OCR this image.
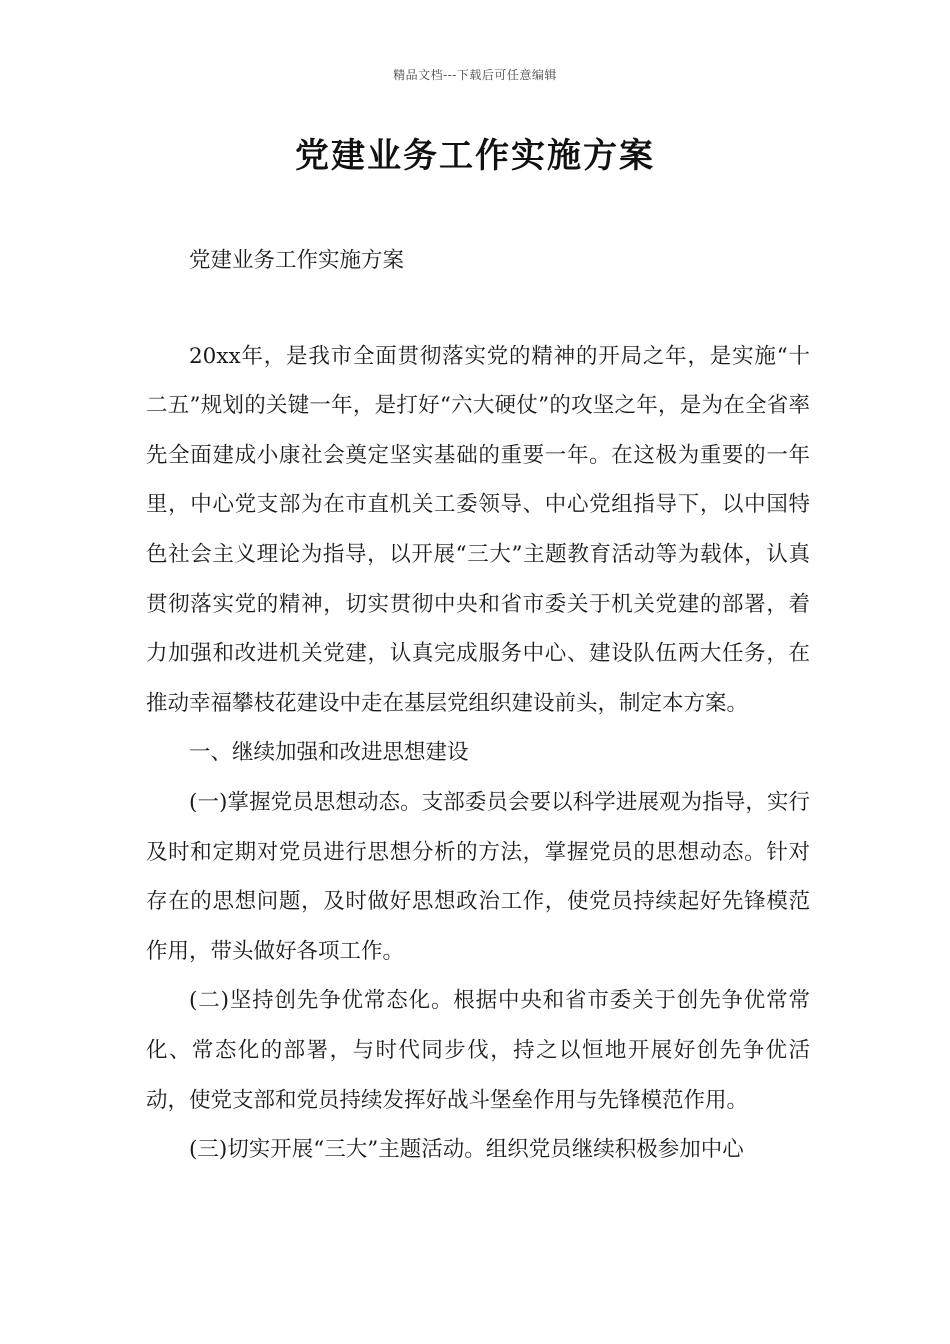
精品文档---下载后可任意编辑
党建业务工作实施方案

党建业务工作实施方案

20xx年，是我市全面贯彻落实党的精神的开局之年，是实施“十二五”规划的关键一年，是打好“六大硬仗”的攻坚之年，是为在全省率先全面建成小康社会奠定坚实基础的重要一年。在这极为重要的一年里，中心党支部为在市直机关工委领导、中心党组指导下，以中国特色社会主义理论为指导，以开展“三大”主题教育活动等为载体，认真贯彻落实党的精神，切实贯彻中央和省市委关于机关党建的部署，着力加强和改进机关党建，认真完成服务中心、建设队伍两大任务，在推动幸福攀枝花建设中走在基层党组织建设前头，制定本方案。

一、继续加强和改进思想建设

(一)掌握党员思想动态。支部委员会要以科学进展观为指导，实行及时和定期对党员进行思想分析的方法，掌握党员的思想动态。针对存在的思想问题，及时做好思想政治工作，使党员持续起好先锋模范作用，带头做好各项工作。

(二)坚持创先争优常态化。根据中央和省市委关于创先争优常常化、常态化的部署，与时代同步伐，持之以恒地开展好创先争优活动，使党支部和党员持续发挥好战斗堡垒作用与先锋模范作用。

(三)切实开展“三大”主题活动。组织党员继续积极参加中心
